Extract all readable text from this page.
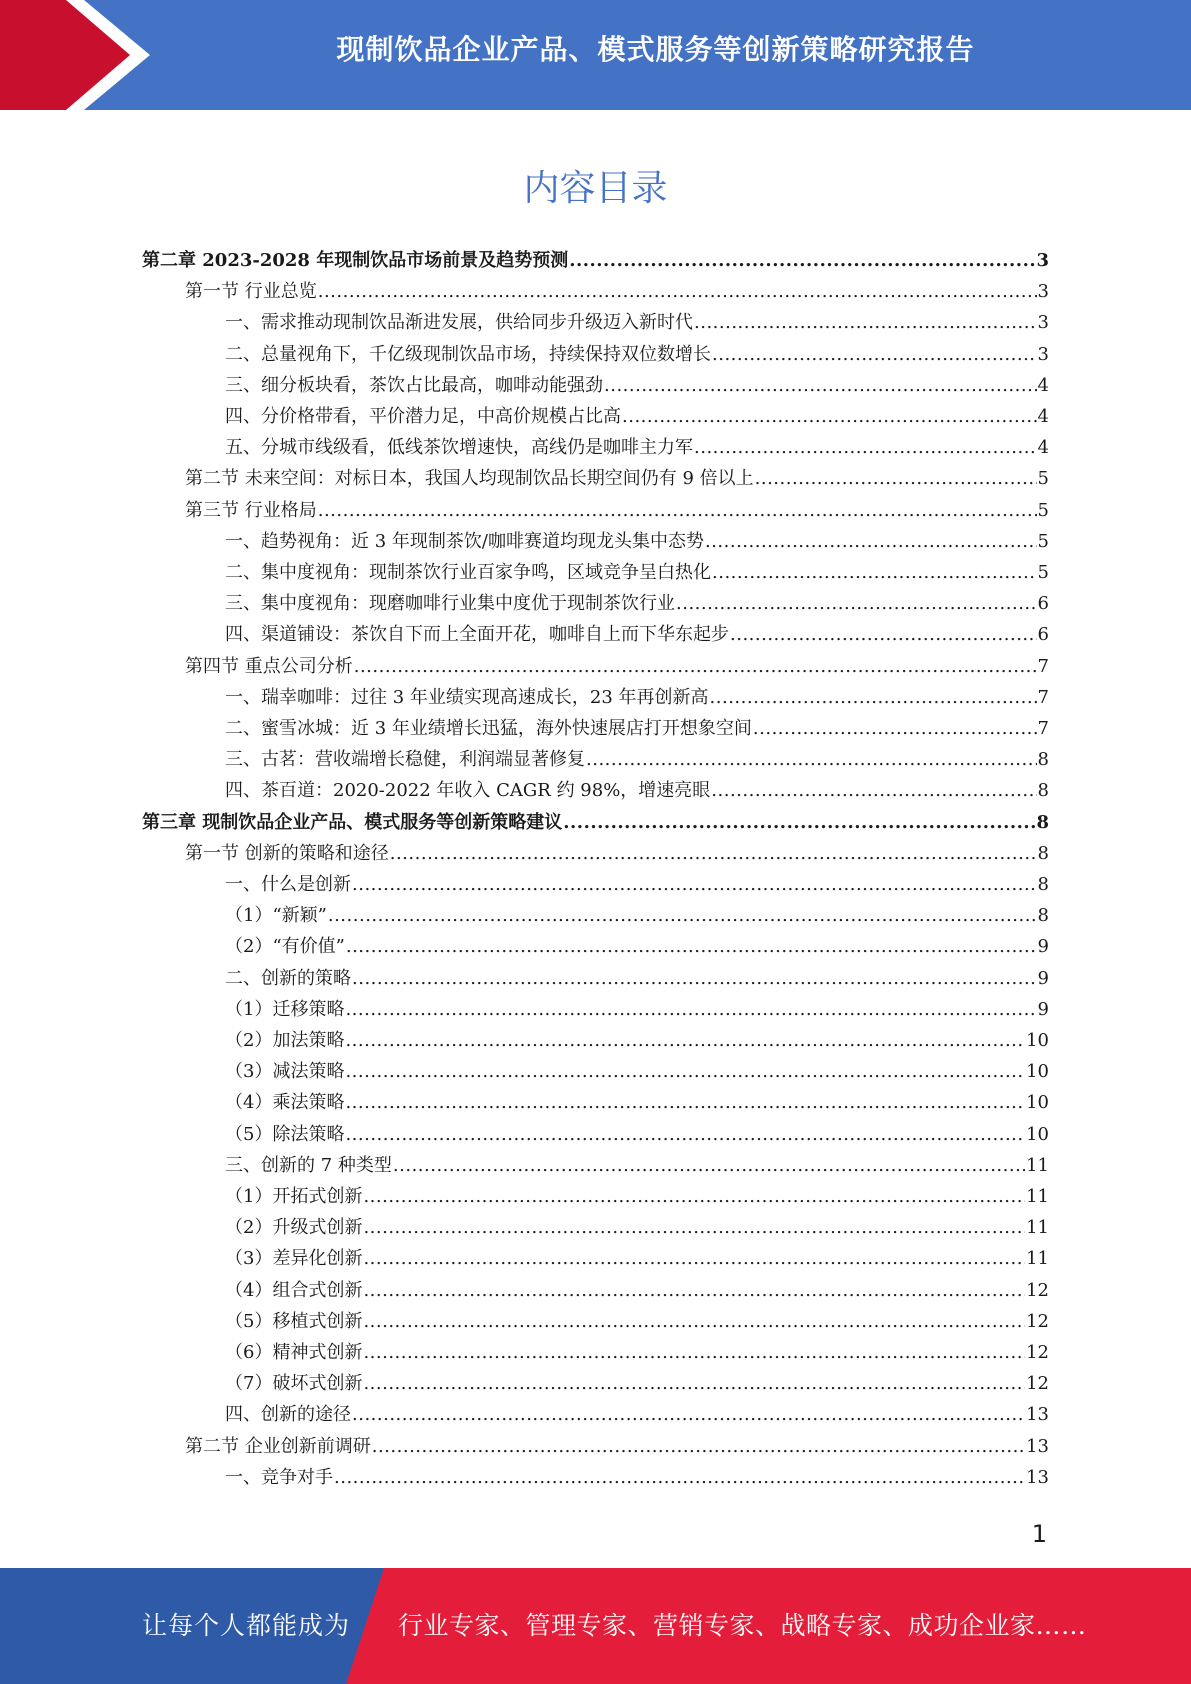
现制饮品企业产品、模式服务等创新策略研究报告
内容目录
第二章 2023-2028 年现制饮品市场前景及趋势预测 .....	3
第一节 行业总览 .....	3
一、需求推动现制饮品渐进发展，供给同步升级迈入新时代 .....	3
二、总量视角下，千亿级现制饮品市场，持续保持双位数增长 .....	3
三、细分板块看，茶饮占比最高，咖啡动能强劲 .....	4
四、分价格带看，平价潜力足，中高价规模占比高 .....	4
五、分城市线级看，低线茶饮增速快，高线仍是咖啡主力军 .....	4
第二节 未来空间：对标日本，我国人均现制饮品长期空间仍有 9 倍以上 .....	5
第三节 行业格局 .....	5
一、趋势视角：近 3 年现制茶饮/咖啡赛道均现龙头集中态势 .....	5
二、集中度视角：现制茶饮行业百家争鸣，区域竞争呈白热化 .....	5
三、集中度视角：现磨咖啡行业集中度优于现制茶饮行业 .....	6
四、渠道铺设：茶饮自下而上全面开花，咖啡自上而下华东起步 .....	6
第四节 重点公司分析 .....	7
一、瑞幸咖啡：过往 3 年业绩实现高速成长，23 年再创新高 .....	7
二、蜜雪冰城：近 3 年业绩增长迅猛，海外快速展店打开想象空间 .....	7
三、古茗：营收端增长稳健，利润端显著修复 .....	8
四、茶百道：2020-2022 年收入 CAGR 约 98%，增速亮眼 .....	8
第三章 现制饮品企业产品、模式服务等创新策略建议 .....	8
第一节 创新的策略和途径 .....	8
一、什么是创新 .....	8
（1）“新颖” .....	8
（2）“有价值” .....	9
二、创新的策略 .....	9
（1）迁移策略 .....	9
（2）加法策略 .....	10
（3）减法策略 .....	10
（4）乘法策略 .....	10
（5）除法策略 .....	10
三、创新的 7 种类型 .....	11
（1）开拓式创新 .....	11
（2）升级式创新 .....	11
（3）差异化创新 .....	11
（4）组合式创新 .....	12
（5）移植式创新 .....	12
（6）精神式创新 .....	12
（7）破坏式创新 .....	12
四、创新的途径 .....	13
第二节 企业创新前调研 .....	13
一、竞争对手 .....	13
1
让每个人都能成为 行业专家、管理专家、营销专家、战略专家、成功企业家……
